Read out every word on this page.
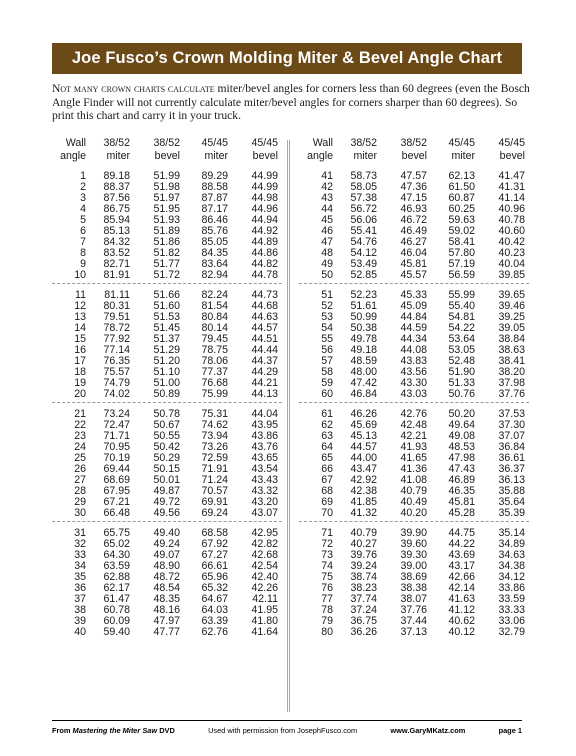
Joe Fusco’s Crown Molding Miter & Bevel Angle Chart
Not many crown charts calculate miter/bevel angles for corners less than 60 degrees (even the Bosch Angle Finder will not currently calculate miter/bevel angles for corners sharper than 60 degrees). So print this chart and carry it in your truck.
Wall
angle
38/52
miter
38/52
bevel
45/45
miter
45/45
bevel
1	89.18	51.99	89.29	44.99
2	88.37	51.98	88.58	44.99
3	87.56	51.97	87.87	44.98
4	86.75	51.95	87.17	44.96
5	85.94	51.93	86.46	44.94
6	85.13	51.89	85.76	44.92
7	84.32	51.86	85.05	44.89
8	83.52	51.82	84.35	44.86
9	82.71	51.77	83.64	44.82
10	81.91	51.72	82.94	44.78
11	81.11	51.66	82.24	44.73
12	80.31	51.60	81.54	44.68
13	79.51	51.53	80.84	44.63
14	78.72	51.45	80.14	44.57
15	77.92	51.37	79.45	44.51
16	77.14	51.29	78.75	44.44
17	76.35	51.20	78.06	44.37
18	75.57	51.10	77.37	44.29
19	74.79	51.00	76.68	44.21
20	74.02	50.89	75.99	44.13
21	73.24	50.78	75.31	44.04
22	72.47	50.67	74.62	43.95
23	71.71	50.55	73.94	43.86
24	70.95	50.42	73.26	43.76
25	70.19	50.29	72.59	43.65
26	69.44	50.15	71.91	43.54
27	68.69	50.01	71.24	43.43
28	67.95	49.87	70.57	43.32
29	67.21	49.72	69.91	43.20
30	66.48	49.56	69.24	43.07
31	65.75	49.40	68.58	42.95
32	65.02	49.24	67.92	42.82
33	64.30	49.07	67.27	42.68
34	63.59	48.90	66.61	42.54
35	62.88	48.72	65.96	42.40
36	62.17	48.54	65.32	42.26
37	61.47	48.35	64.67	42.11
38	60.78	48.16	64.03	41.95
39	60.09	47.97	63.39	41.80
40	59.40	47.77	62.76	41.64
Wall
angle
38/52
miter
38/52
bevel
45/45
miter
45/45
bevel
41	58.73	47.57	62.13	41.47
42	58.05	47.36	61.50	41.31
43	57.38	47.15	60.87	41.14
44	56.72	46.93	60.25	40.96
45	56.06	46.72	59.63	40.78
46	55.41	46.49	59.02	40.60
47	54.76	46.27	58.41	40.42
48	54.12	46.04	57.80	40.23
49	53.49	45.81	57.19	40.04
50	52.85	45.57	56.59	39.85
51	52.23	45.33	55.99	39.65
52	51.61	45.09	55.40	39.46
53	50.99	44.84	54.81	39.25
54	50.38	44.59	54.22	39.05
55	49.78	44.34	53.64	38.84
56	49.18	44.08	53.05	38.63
57	48.59	43.83	52.48	38.41
58	48.00	43.56	51.90	38.20
59	47.42	43.30	51.33	37.98
60	46.84	43.03	50.76	37.76
61	46.26	42.76	50.20	37.53
62	45.69	42.48	49.64	37.30
63	45.13	42.21	49.08	37.07
64	44.57	41.93	48.53	36.84
65	44.00	41.65	47.98	36.61
66	43.47	41.36	47.43	36.37
67	42.92	41.08	46.89	36.13
68	42.38	40.79	46.35	35.88
69	41.85	40.49	45.81	35.64
70	41.32	40.20	45.28	35.39
71	40.79	39.90	44.75	35.14
72	40.27	39.60	44.22	34.89
73	39.76	39.30	43.69	34.63
74	39.24	39.00	43.17	34.38
75	38.74	38.69	42.66	34.12
76	38.23	38.38	42.14	33.86
77	37.74	38.07	41.63	33.59
78	37.24	37.76	41.12	33.33
79	36.75	37.44	40.62	33.06
80	36.26	37.13	40.12	32.79
From Mastering the Miter Saw DVD	Used with permission from JosephFusco.com	www.GaryMKatz.com	page 1
